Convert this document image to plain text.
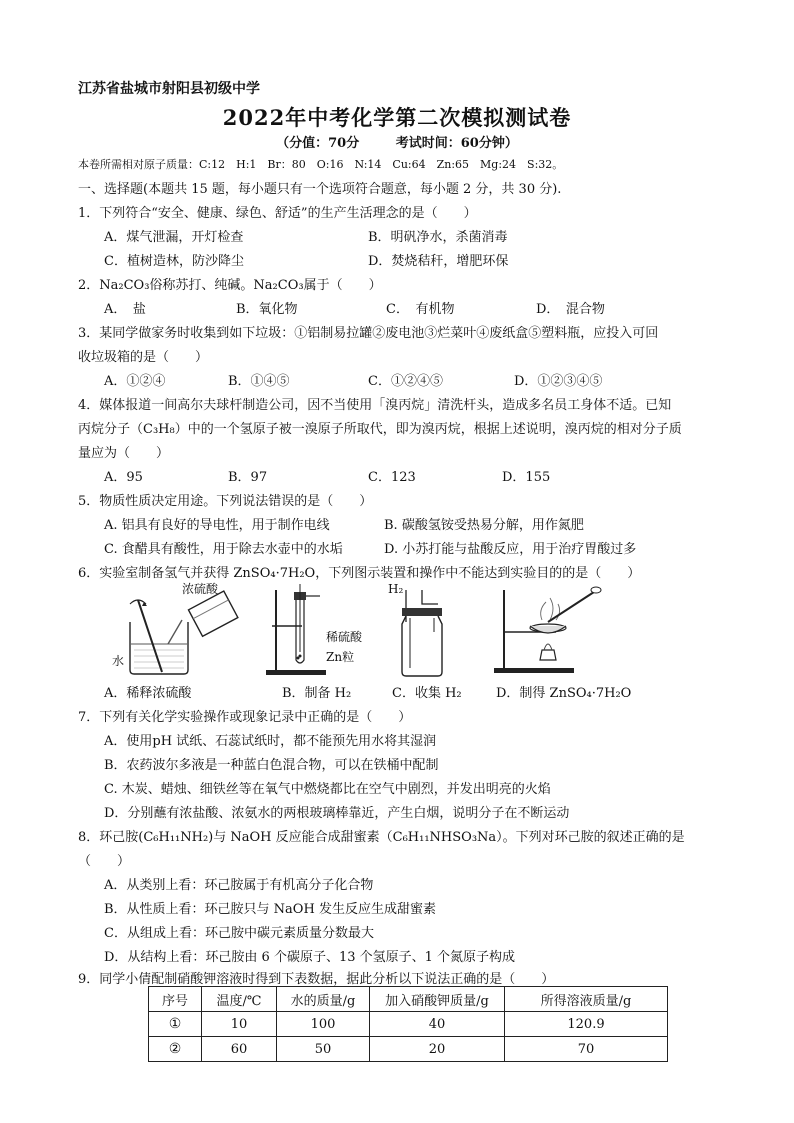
江苏省盐城市射阳县初级中学
2022年中考化学第二次模拟测试卷
（分值：70分	考试时间：60分钟）
本卷所需相对原子质量：C:12　H:1　Br：80　O:16　N:14　Cu:64　Zn:65　Mg:24　S:32。
一、选择题(本题共 15 题，每小题只有一个选项符合题意，每小题 2 分，共 30 分).
1．下列符合“安全、健康、绿色、舒适”的生产生活理念的是（　　）
A．煤气泄漏，开灯检查	B．明矾净水，杀菌消毒
C．植树造林，防沙降尘	D．焚烧秸秆，增肥环保
2．Na₂CO₃俗称苏打、纯碱。Na₂CO₃属于（　　）
A．　盐	B．氧化物	C．　有机物	D．　混合物
3．某同学做家务时收集到如下垃圾：①铝制易拉罐②废电池③烂菜叶④废纸盒⑤塑料瓶，应投入可回
收垃圾箱的是（　　）
A．①②④	B．①④⑤	C．①②④⑤	D．①②③④⑤
4．媒体报道一间高尔夫球杆制造公司，因不当使用「溴丙烷」清洗杆头，造成多名员工身体不适。已知
丙烷分子（C₃H₈）中的一个氢原子被一溴原子所取代，即为溴丙烷，根据上述说明，溴丙烷的相对分子质
量应为（　　）
A．95	B．97	C．123	D．155
5．物质性质决定用途。下列说法错误的是（　　）
A. 铝具有良好的导电性，用于制作电线	B. 碳酸氢铵受热易分解，用作氮肥
C. 食醋具有酸性，用于除去水壶中的水垢	D. 小苏打能与盐酸反应，用于治疗胃酸过多
6．实验室制备氢气并获得 ZnSO₄·7H₂O，下列图示装置和操作中不能达到实验目的的是（　　）
浓硫酸
水
稀硫酸
Zn粒
H₂
A．稀释浓硫酸	B．制备 H₂	C．收集 H₂	D．制得 ZnSO₄·7H₂O
7．下列有关化学实验操作或现象记录中正确的是（　　）
A．使用pH 试纸、石蕊试纸时，都不能预先用水将其湿润
B．农药波尔多液是一种蓝白色混合物，可以在铁桶中配制
C. 木炭、蜡烛、细铁丝等在氧气中燃烧都比在空气中剧烈，并发出明亮的火焰
D．分别蘸有浓盐酸、浓氨水的两根玻璃棒靠近，产生白烟，说明分子在不断运动
8．环己胺(C₆H₁₁NH₂)与 NaOH 反应能合成甜蜜素（C₆H₁₁NHSO₃Na）。下列对环己胺的叙述正确的是
（　　）
A．从类别上看：环己胺属于有机高分子化合物
B．从性质上看：环己胺只与 NaOH 发生反应生成甜蜜素
C．从组成上看：环己胺中碳元素质量分数最大
D．从结构上看：环己胺由 6 个碳原子、13 个氢原子、1 个氮原子构成
9．同学小倩配制硝酸钾溶液时得到下表数据，据此分析以下说法正确的是（　　）
序号	温度/℃	水的质量/g	加入硝酸钾质量/g	所得溶液质量/g
①	10	100	40	120.9
②	60	50	20	70
